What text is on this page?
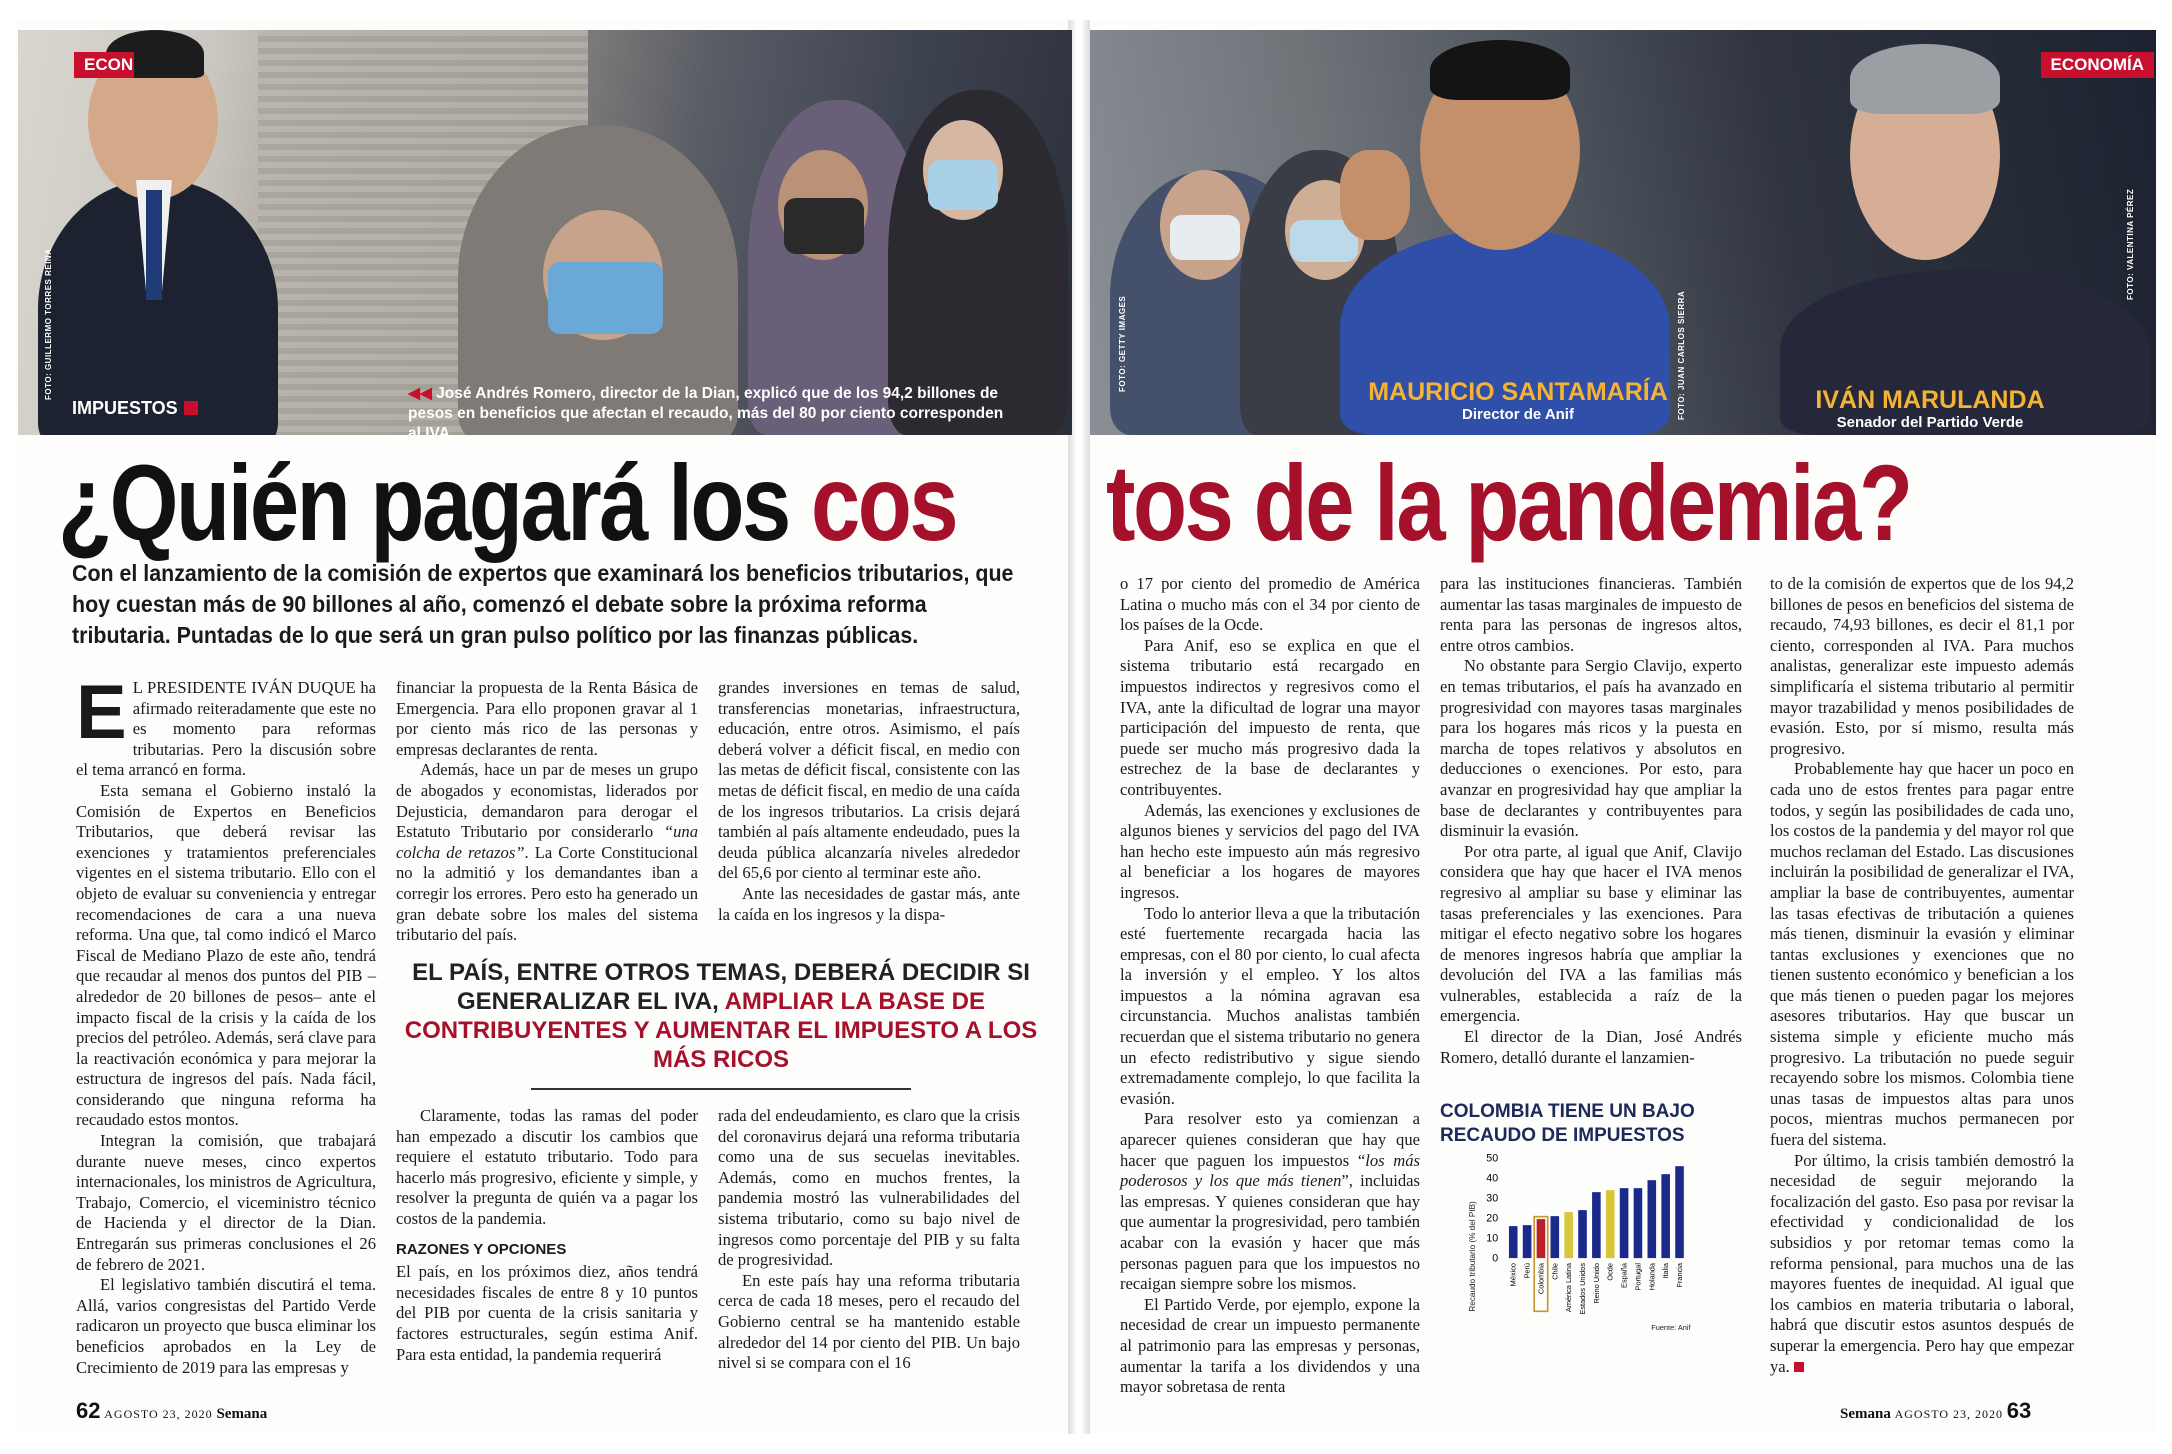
ECON
IMPUESTOS
FOTO: GUILLERMO TORRES REINA	◀◀ José Andrés Romero, director de la Dian, explicó que de los 94,2 billones de pesos en beneficios que afectan el recaudo, más del 80 por ciento corresponden al IVA.
ECONOMÍA
FOTO: GETTY IMAGES	FOTO: JUAN CARLOS SIERRA
FOTO: VALENTINA PÉREZ
MAURICIO SANTAMARÍA
Director de Anif
IVÁN MARULANDA
Senador del Partido Verde
¿Quién pagará los cos tos de la pandemia?
Con el lanzamiento de la comisión de expertos que examinará los beneficios tributarios, que hoy cuestan más de 90 billones al año, comenzó el debate sobre la próxima reforma tributaria. Puntadas de lo que será un gran pulso político por las finanzas públicas.

E L PRESIDENTE IVÁN DUQUE ha afirmado reiteradamente que este no es momento para reformas tributarias. Pero la discusión sobre el tema arrancó en forma.

Esta semana el Gobierno instaló la Comisión de Expertos en Beneficios Tributarios, que deberá revisar las exenciones y tratamientos preferenciales vigentes en el sistema tributario. Ello con el objeto de evaluar su conveniencia y entregar recomendaciones de cara a una nueva reforma. Una que, tal como indicó el Marco Fiscal de Mediano Plazo de este año, tendrá que recaudar al menos dos puntos del PIB –alrededor de 20 billones de pesos– ante el impacto fiscal de la crisis y la caída de los precios del petróleo. Además, será clave para la reactivación económica y para mejorar la estructura de ingresos del país. Nada fácil, considerando que ninguna reforma ha recaudado estos montos.

Integran la comisión, que trabajará durante nueve meses, cinco expertos internacionales, los ministros de Agricultura, Trabajo, Comercio, el viceministro técnico de Hacienda y el director de la Dian. Entregarán sus primeras conclusiones el 26 de febrero de 2021.

El legislativo también discutirá el tema. Allá, varios congresistas del Partido Verde radicaron un proyecto que busca eliminar los beneficios aprobados en la Ley de Crecimiento de 2019 para las empresas y

financiar la propuesta de la Renta Básica de Emergencia. Para ello proponen gravar al 1 por ciento más rico de las personas y empresas declarantes de renta.

Además, hace un par de meses un grupo de abogados y economistas, liderados por Dejusticia, demandaron para derogar el Estatuto Tributario por considerarlo “una colcha de retazos”. La Corte Constitucional no la admitió y los demandantes iban a corregir los errores. Pero esto ha generado un gran debate sobre los males del sistema tributario del país.

grandes inversiones en temas de salud, transferencias monetarias, infraestructura, educación, entre otros. Asimismo, el país deberá volver a déficit fiscal, en medio con las metas de déficit fiscal, consistente con las metas de déficit fiscal, en medio de una caída de los ingresos tributarios. La crisis dejará también al país altamente endeudado, pues la deuda pública alcanzaría niveles alrededor del 65,6 por ciento al terminar este año.

Ante las necesidades de gastar más, ante la caída en los ingresos y la dispa-

EL PAÍS, ENTRE OTROS TEMAS, DEBERÁ DECIDIR SI GENERALIZAR EL IVA, AMPLIAR LA BASE DE CONTRIBUYENTES Y AUMENTAR EL IMPUESTO A LOS MÁS RICOS

Claramente, todas las ramas del poder han empezado a discutir los cambios que requiere el estatuto tributario. Todo para hacerlo más progresivo, eficiente y simple, y resolver la pregunta de quién va a pagar los costos de la pandemia.

RAZONES Y OPCIONES

El país, en los próximos diez, años tendrá necesidades fiscales de entre 8 y 10 puntos del PIB por cuenta de la crisis sanitaria y factores estructurales, según estima Anif. Para esta entidad, la pandemia requerirá

rada del endeudamiento, es claro que la crisis del coronavirus dejará una reforma tributaria como una de sus secuelas inevitables. Además, como en muchos frentes, la pandemia mostró las vulnerabilidades del sistema tributario, como su bajo nivel de ingresos como porcentaje del PIB y su falta de progresividad.

En este país hay una reforma tributaria cerca de cada 18 meses, pero el recaudo del Gobierno central se ha mantenido estable alrededor del 14 por ciento del PIB. Un bajo nivel si se compara con el 16

o 17 por ciento del promedio de América Latina o mucho más con el 34 por ciento de los países de la Ocde.

Para Anif, eso se explica en que el sistema tributario está recargado en impuestos indirectos y regresivos como el IVA, ante la dificultad de lograr una mayor participación del impuesto de renta, que puede ser mucho más progresivo dada la estrechez de la base de declarantes y contribuyentes.

Además, las exenciones y exclusiones de algunos bienes y servicios del pago del IVA han hecho este impuesto aún más regresivo al beneficiar a los hogares de mayores ingresos.

Todo lo anterior lleva a que la tributación esté fuertemente recargada hacia las empresas, con el 80 por ciento, lo cual afecta la inversión y el empleo. Y los altos impuestos a la nómina agravan esa circunstancia. Muchos analistas también recuerdan que el sistema tributario no genera un efecto redistributivo y sigue siendo extremadamente complejo, lo que facilita la evasión.

Para resolver esto ya comienzan a aparecer quienes consideran que hay que hacer que paguen los impuestos “los más poderosos y los que más tienen”, incluidas las empresas. Y quienes consideran que hay que aumentar la progresividad, pero también acabar con la evasión y hacer que más personas paguen para que los impuestos no recaigan siempre sobre los mismos.

El Partido Verde, por ejemplo, expone la necesidad de crear un impuesto permanente al patrimonio para las empresas y personas, aumentar la tarifa a los dividendos y una mayor sobretasa de renta

para las instituciones financieras. También aumentar las tasas marginales de impuesto de renta para las personas de ingresos altos, entre otros cambios.

No obstante para Sergio Clavijo, experto en temas tributarios, el país ha avanzado en progresividad con mayores tasas marginales para los hogares más ricos y la puesta en marcha de topes relativos y absolutos en deducciones o exenciones. Por esto, para avanzar en progresividad hay que ampliar la base de declarantes y contribuyentes para disminuir la evasión.

Por otra parte, al igual que Anif, Clavijo considera que hay que hacer el IVA menos regresivo al ampliar su base y eliminar las tasas preferenciales y las exenciones. Para mitigar el efecto negativo sobre los hogares de menores ingresos habría que ampliar la devolución del IVA a las familias más vulnerables, establecida a raíz de la emergencia.

El director de la Dian, José Andrés Romero, detalló durante el lanzamien-

COLOMBIA TIENE UN BAJO RECAUDO DE IMPUESTOS
Recaudo tributario (% del PIB) 0
10
20
30
40
50
México Perú Colombia Chile América Latina Estados Unidos Reino Unido Ocde España Portugal Holanda Italia Francia
Fuente: Anif

to de la comisión de expertos que de los 94,2 billones de pesos en beneficios del sistema de recaudo, 74,93 billones, es decir el 81,1 por ciento, corresponden al IVA. Para muchos analistas, generalizar este impuesto además simplificaría el sistema tributario al permitir mayor trazabilidad y menos posibilidades de evasión. Esto, por sí mismo, resulta más progresivo.

Probablemente hay que hacer un poco en cada uno de estos frentes para pagar entre todos, y según las posibilidades de cada uno, los costos de la pandemia y del mayor rol que muchos reclaman del Estado. Las discusiones incluirán la posibilidad de generalizar el IVA, ampliar la base de contribuyentes, aumentar las tasas efectivas de tributación a quienes más tienen, disminuir la evasión y eliminar tantas exclusiones y exenciones que no tienen sustento económico y benefician a los que más tienen o pueden pagar los mejores asesores tributarios. Hay que buscar un sistema simple y eficiente mucho más progresivo. La tributación no puede seguir recayendo sobre los mismos. Colombia tiene unas tasas de impuestos altas para unos pocos, mientras muchos permanecen por fuera del sistema.

Por último, la crisis también demostró la necesidad de seguir mejorando la focalización del gasto. Eso pasa por revisar la efectividad y condicionalidad de los subsidios y por retomar temas como la reforma pensional, para muchos una de las mayores fuentes de inequidad. Al igual que los cambios en materia tributaria o laboral, habrá que discutir estos asuntos después de superar la emergencia. Pero hay que empezar ya.

62 AGOSTO 23, 2020 Semana	Semana AGOSTO 23, 2020 63
